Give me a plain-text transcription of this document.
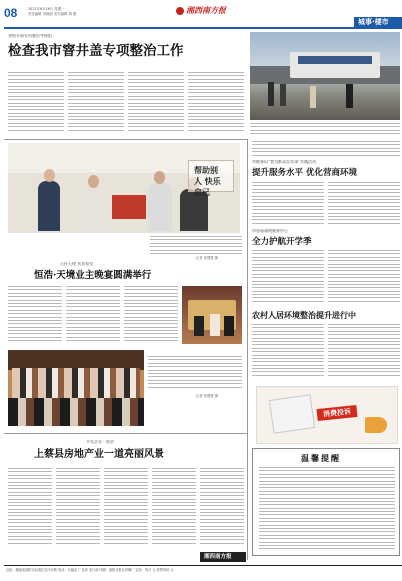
08	2021年8月16日 星期一
责任编辑 刘晓丽 美术编辑 周 俊	湘西南方报
城事·楼市
省级开展专项整治考核组
检查我市窨井盖专项整治工作
帮助别人 快乐自己
记者 刘慧慧 摄
心怀天使 扶贫家室
恒浩·天境业主晚宴圆满举行
记者 刘慧慧 摄
市税务局“我为群众办实事”实践活动
提升服务水平 优化营商环境
市首届高校服务中心
全力护航开学季
农村人居环境整治提升进行中
消费投诉
开发企业 · 协会
上蔡县房地产业一道亮丽风景	温馨提醒
湘西南方报
社址：湖南省邵阳市双清区宝庆东路 电话：总编室 广告部 发行部 印刷：邵阳日报社印刷厂 定价：每月 元 零售每份 元
